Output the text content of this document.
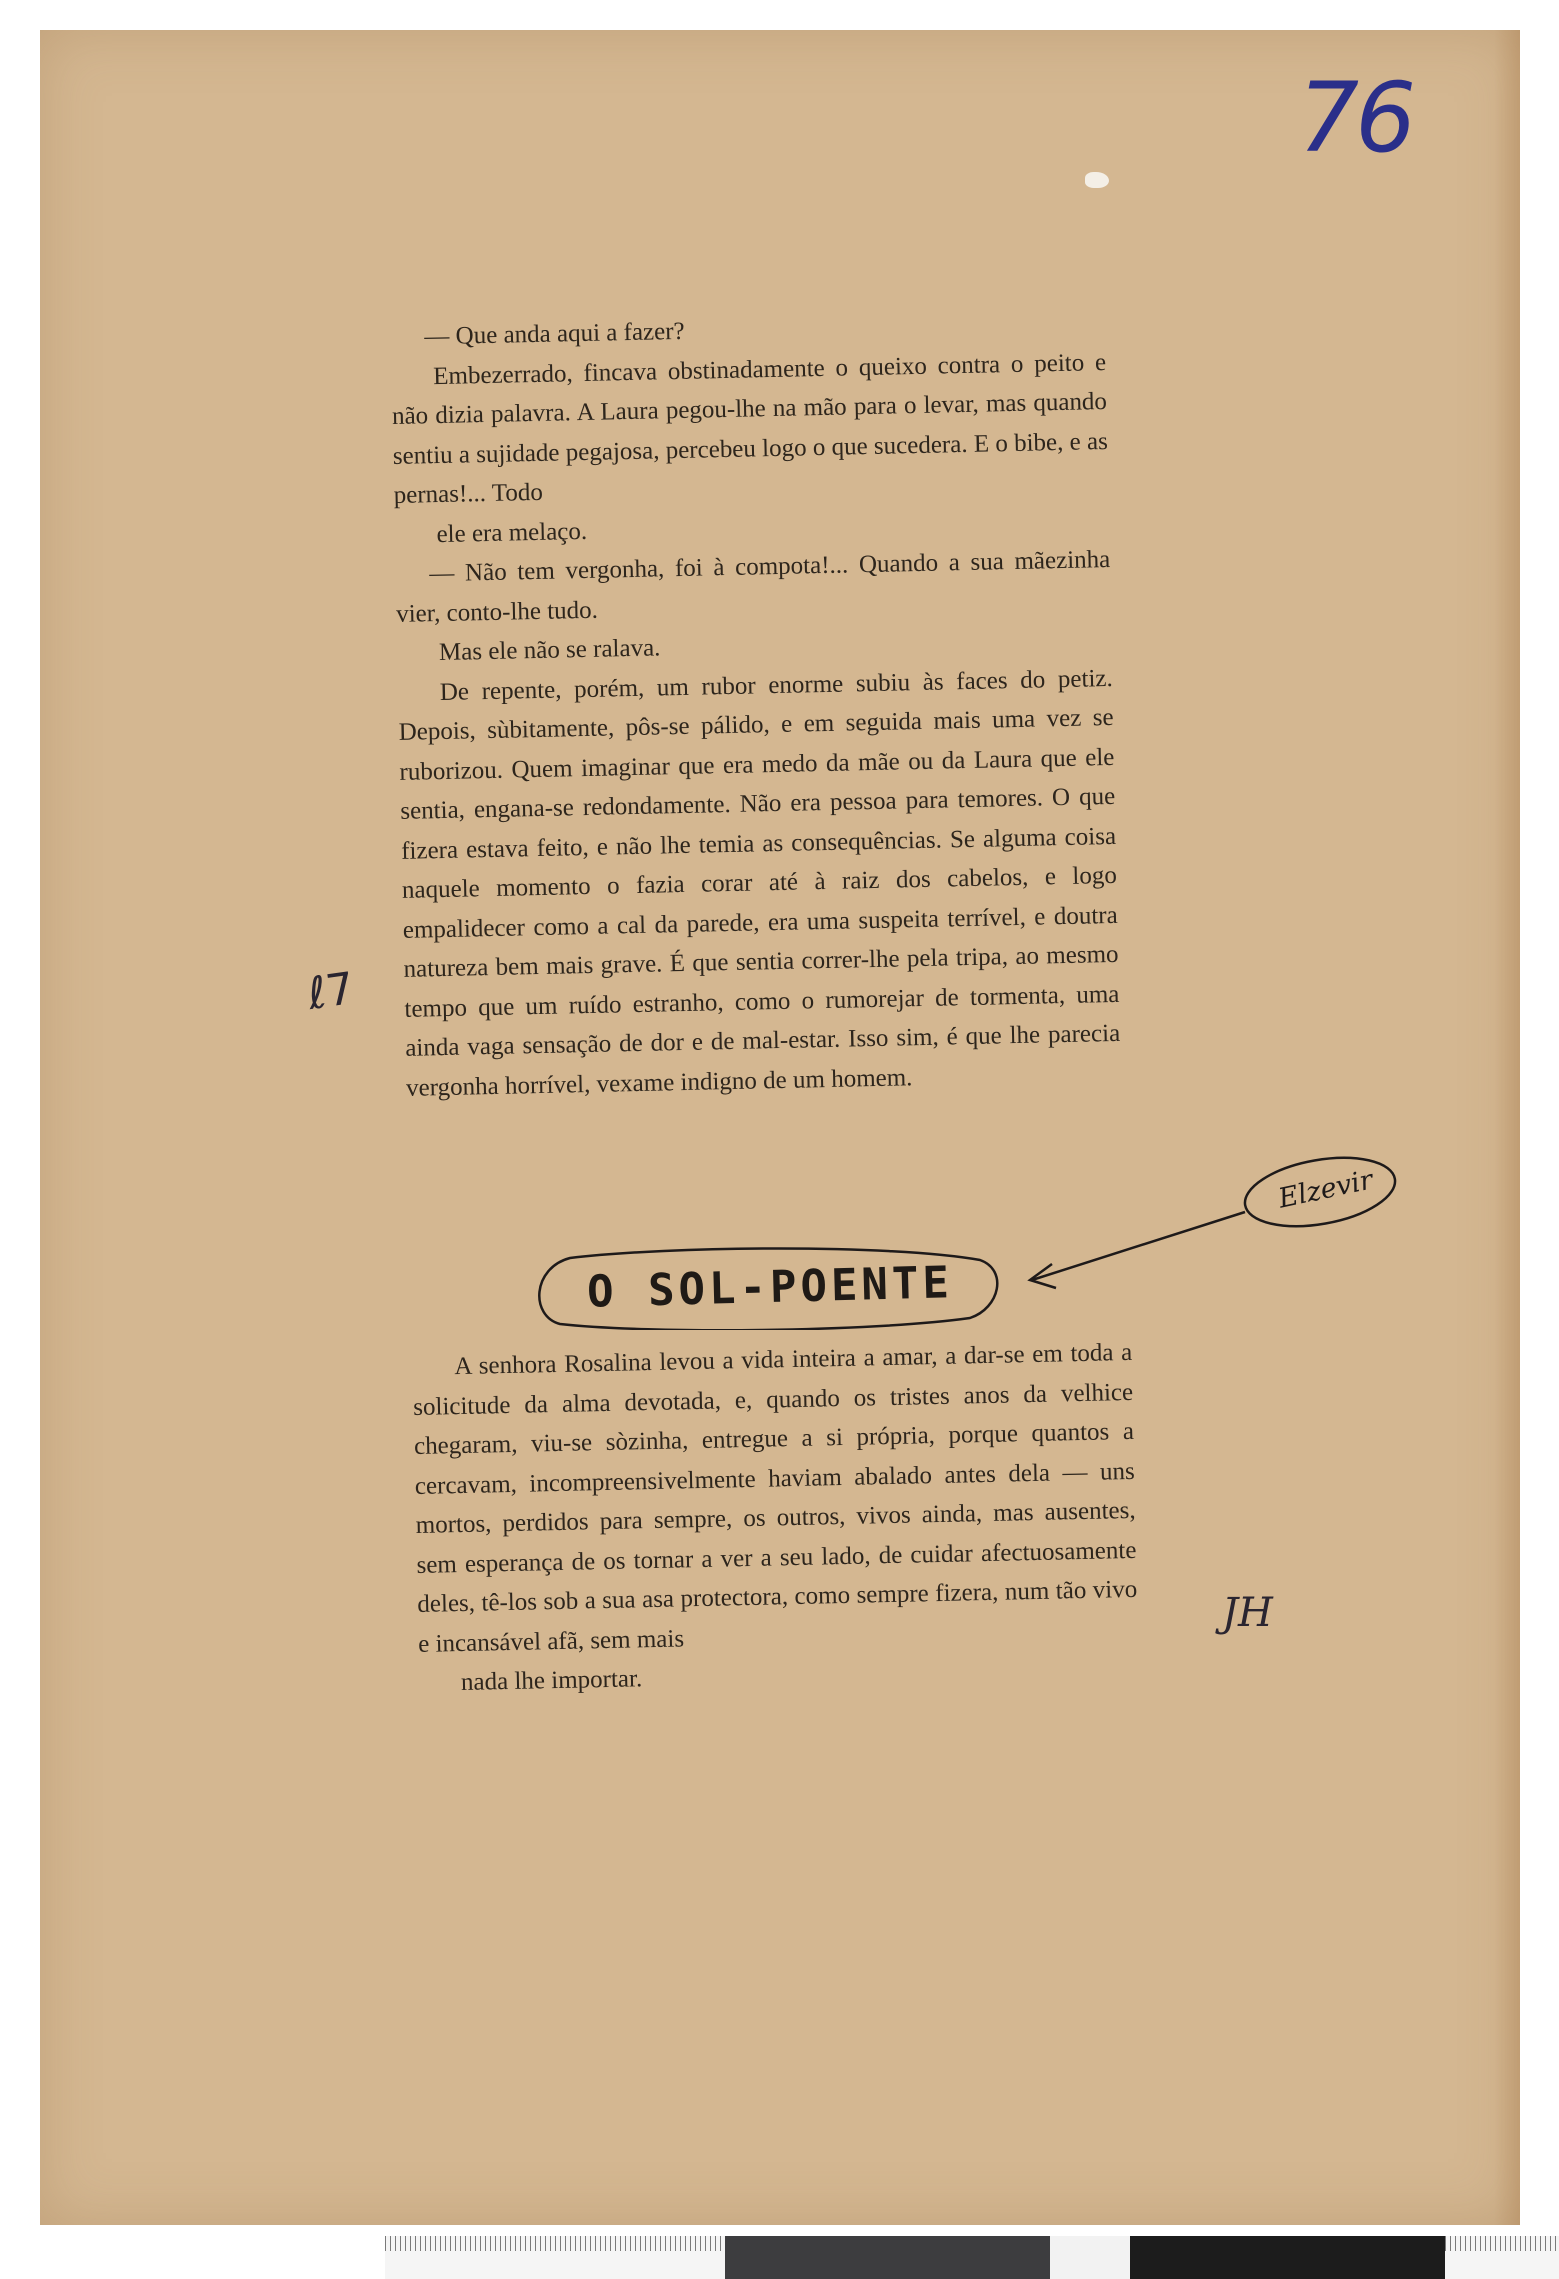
76

— Que anda aqui a fazer?

Embezerrado, fincava obstinadamente o queixo contra o peito e não dizia palavra. A Laura pegou-lhe na mão para o levar, mas quando sentiu a sujidade pegajosa, percebeu logo o que sucedera. E o bibe, e as pernas!... Todo
ele era melaço.

— Não tem vergonha, foi à compota!... Quando a sua mãezinha vier, conto-lhe tudo.

Mas ele não se ralava.

De repente, porém, um rubor enorme subiu às faces do petiz. Depois, sùbitamente, pôs-se pálido, e em seguida mais uma vez se ruborizou. Quem imaginar que era medo da mãe ou da Laura que ele sentia, engana-se redondamente. Não era pessoa para temores. O que fizera estava feito, e não lhe temia as consequências. Se alguma coisa naquele momento o fazia corar até à raiz dos cabelos, e logo empalidecer como a cal da parede, era uma suspeita terrível, e doutra natureza bem mais grave. É que sentia correr-lhe pela tripa, ao mesmo tempo que um ruído estranho, como o rumorejar de tormenta, uma ainda vaga sensação de dor e de mal-estar. Isso sim, é que lhe parecia vergonha horrível, vexame indigno de um homem.

ℓ7
Elzevir
O SOL-POENTE

A senhora Rosalina levou a vida inteira a amar, a dar-se em toda a solicitude da alma devotada, e, quando os tristes anos da velhice chegaram, viu-se sòzinha, entregue a si própria, porque quantos a cercavam, incompreensivelmente haviam abalado antes dela — uns mortos, perdidos para sempre, os outros, vivos ainda, mas ausentes, sem esperança de os tornar a ver a seu lado, de cuidar afectuosamente deles, tê-los sob a sua asa protectora, como sempre fizera, num tão vivo e incansável afã, sem mais
nada lhe importar.

JH
